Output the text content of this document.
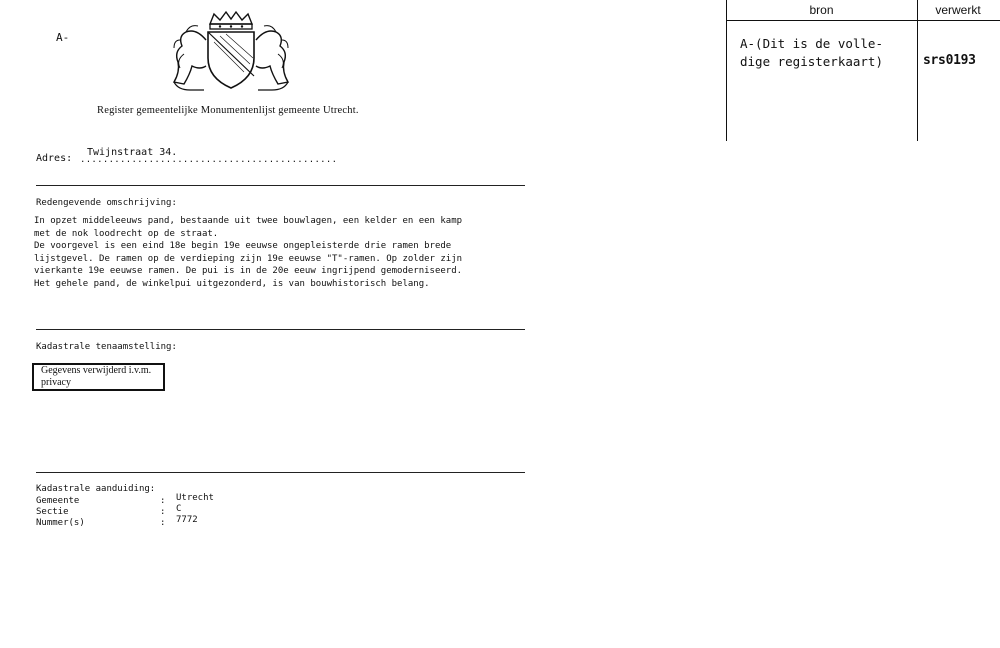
A-
Register gemeentelijke Monumentenlijst gemeente Utrecht.
Adres: .............................................
Twijnstraat 34.
Redengevende omschrijving:
In opzet middeleeuws pand, bestaande uit twee bouwlagen, een kelder en een kamp
met de nok loodrecht op de straat.
De voorgevel is een eind 18e begin 19e eeuwse ongepleisterde drie ramen brede
lijstgevel. De ramen op de verdieping zijn 19e eeuwse "T"-ramen. Op zolder zijn
vierkante 19e eeuwse ramen. De pui is in de 20e eeuw ingrijpend gemoderniseerd.
Het gehele pand, de winkelpui uitgezonderd, is van bouwhistorisch belang.
Kadastrale tenaamstelling:
Gegevens verwijderd i.v.m.
privacy
Kadastrale aanduiding:
Gemeente	: Utrecht
Sectie	: C
Nummer(s)	: 7772
bron	verwerkt
A-(Dit is de volle-
dige registerkaart)	srs0193
